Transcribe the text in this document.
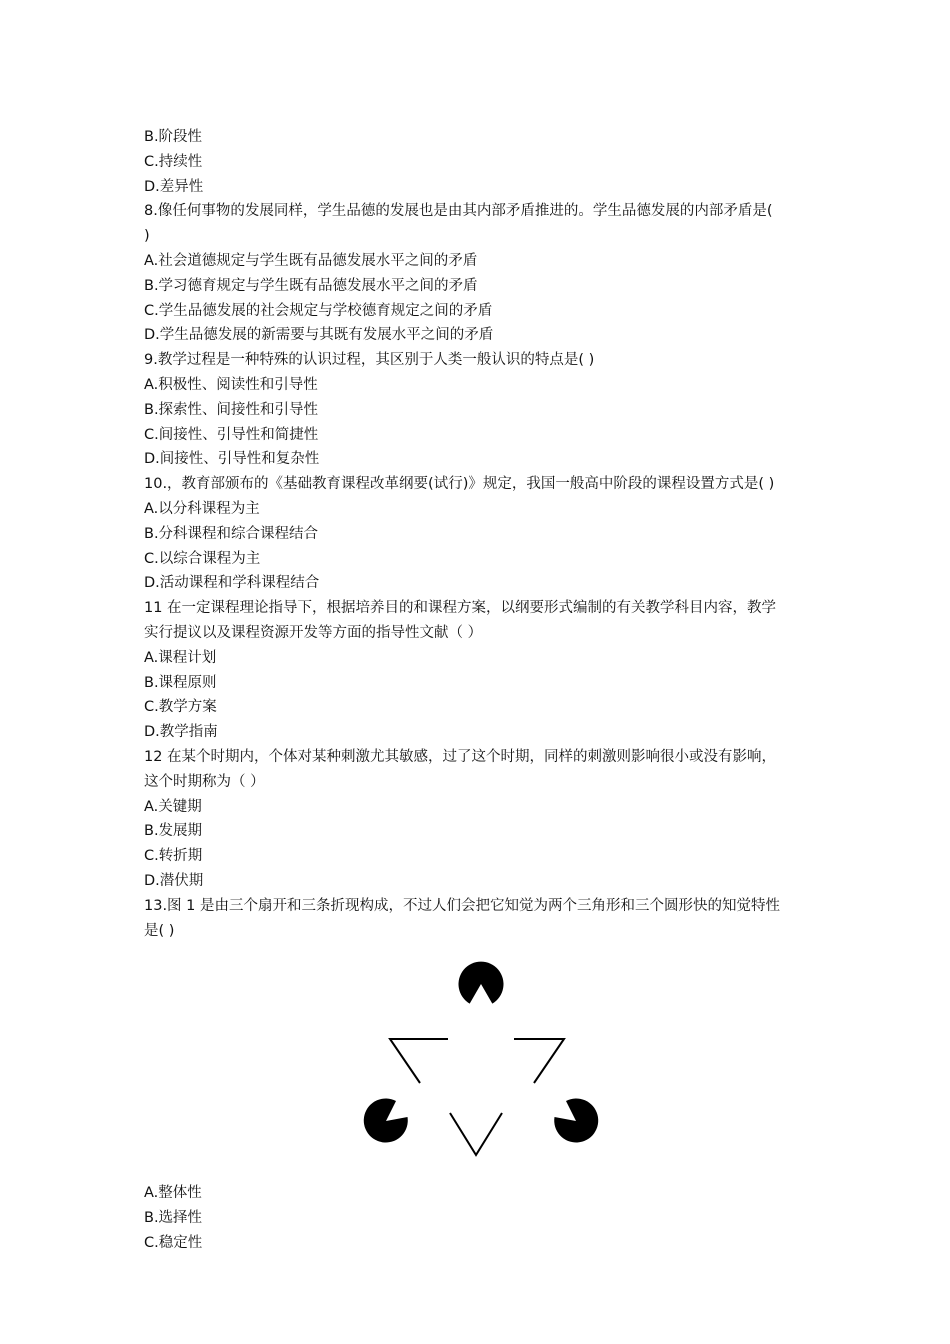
B.阶段性
C.持续性
D.差异性
8.像任何事物的发展同样，学生品德的发展也是由其内部矛盾推进的。学生品德发展的内部矛盾是(
)
A.社会道德规定与学生既有品德发展水平之间的矛盾
B.学习德育规定与学生既有品德发展水平之间的矛盾
C.学生品德发展的社会规定与学校德育规定之间的矛盾
D.学生品德发展的新需要与其既有发展水平之间的矛盾
9.教学过程是一种特殊的认识过程，其区别于人类一般认识的特点是( )
A.积极性、阅读性和引导性
B.探索性、间接性和引导性
C.间接性、引导性和简捷性
D.间接性、引导性和复杂性
10.，教育部颁布的《基础教育课程改革纲要(试行)》规定，我国一般高中阶段的课程设置方式是( )
A.以分科课程为主
B.分科课程和综合课程结合
C.以综合课程为主
D.活动课程和学科课程结合
11 在一定课程理论指导下，根据培养目的和课程方案，以纲要形式编制的有关教学科目内容，教学
实行提议以及课程资源开发等方面的指导性文献（ ）
A.课程计划
B.课程原则
C.教学方案
D.教学指南
12 在某个时期内，个体对某种刺激尤其敏感，过了这个时期，同样的刺激则影响很小或没有影响，
这个时期称为（ ）
A.关键期
B.发展期
C.转折期
D.潜伏期
13.图 1 是由三个扇开和三条折现构成，不过人们会把它知觉为两个三角形和三个圆形快的知觉特性
是( )
A.整体性
B.选择性
C.稳定性
